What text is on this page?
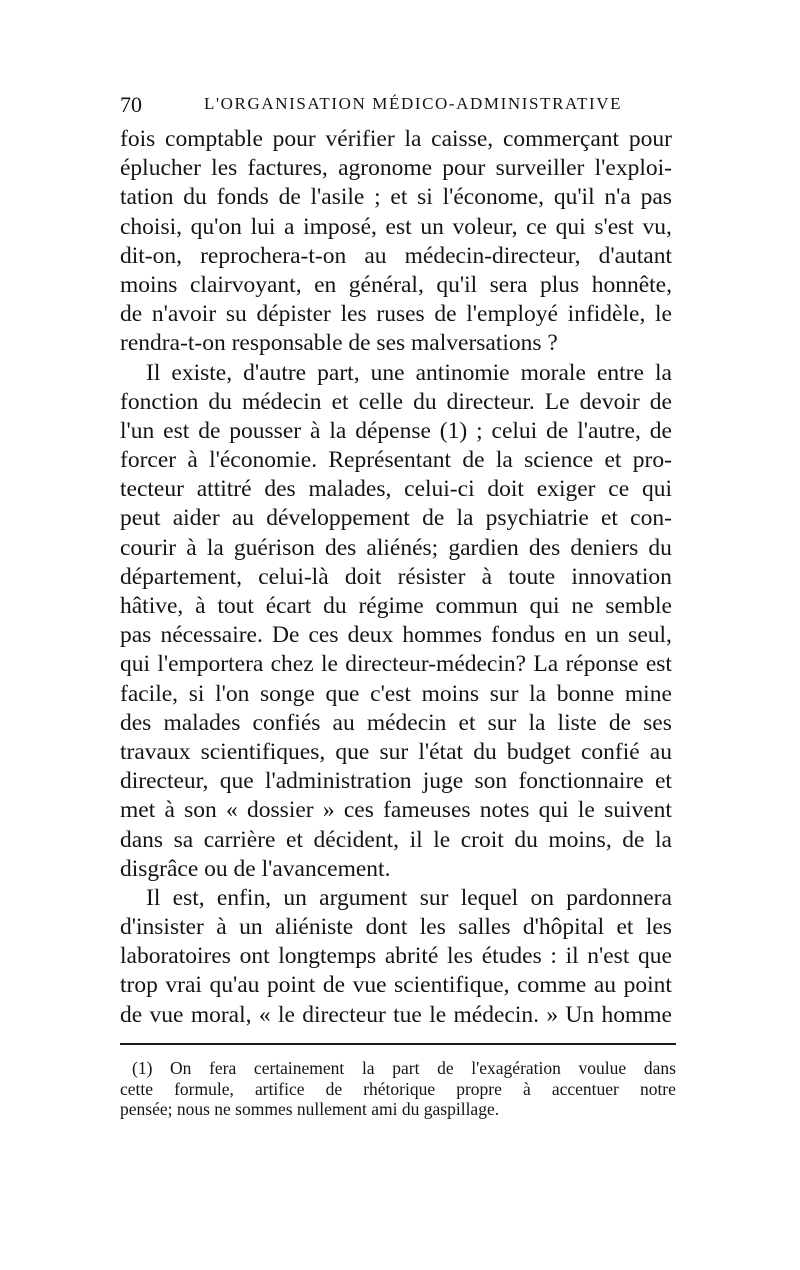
70	L'ORGANISATION MÉDICO-ADMINISTRATIVE
fois comptable pour vérifier la caisse, commerçant pour
éplucher les factures, agronome pour surveiller l'exploi-
tation du fonds de l'asile ; et si l'économe, qu'il n'a pas
choisi, qu'on lui a imposé, est un voleur, ce qui s'est vu,
dit-on, reprochera-t-on au médecin-directeur, d'autant
moins clairvoyant, en général, qu'il sera plus honnête,
de n'avoir su dépister les ruses de l'employé infidèle, le
rendra-t-on responsable de ses malversations ?
Il existe, d'autre part, une antinomie morale entre la
fonction du médecin et celle du directeur. Le devoir de
l'un est de pousser à la dépense (1) ; celui de l'autre, de
forcer à l'économie. Représentant de la science et pro-
tecteur attitré des malades, celui-ci doit exiger ce qui
peut aider au développement de la psychiatrie et con-
courir à la guérison des aliénés; gardien des deniers du
département, celui-là doit résister à toute innovation
hâtive, à tout écart du régime commun qui ne semble
pas nécessaire. De ces deux hommes fondus en un seul,
qui l'emportera chez le directeur-médecin? La réponse est
facile, si l'on songe que c'est moins sur la bonne mine
des malades confiés au médecin et sur la liste de ses
travaux scientifiques, que sur l'état du budget confié au
directeur, que l'administration juge son fonctionnaire et
met à son « dossier » ces fameuses notes qui le suivent
dans sa carrière et décident, il le croit du moins, de la
disgrâce ou de l'avancement.
Il est, enfin, un argument sur lequel on pardonnera
d'insister à un aliéniste dont les salles d'hôpital et les
laboratoires ont longtemps abrité les études : il n'est que
trop vrai qu'au point de vue scientifique, comme au point
de vue moral, « le directeur tue le médecin. » Un homme
(1) On fera certainement la part de l'exagération voulue dans
cette formule, artifice de rhétorique propre à accentuer notre
pensée; nous ne sommes nullement ami du gaspillage.
